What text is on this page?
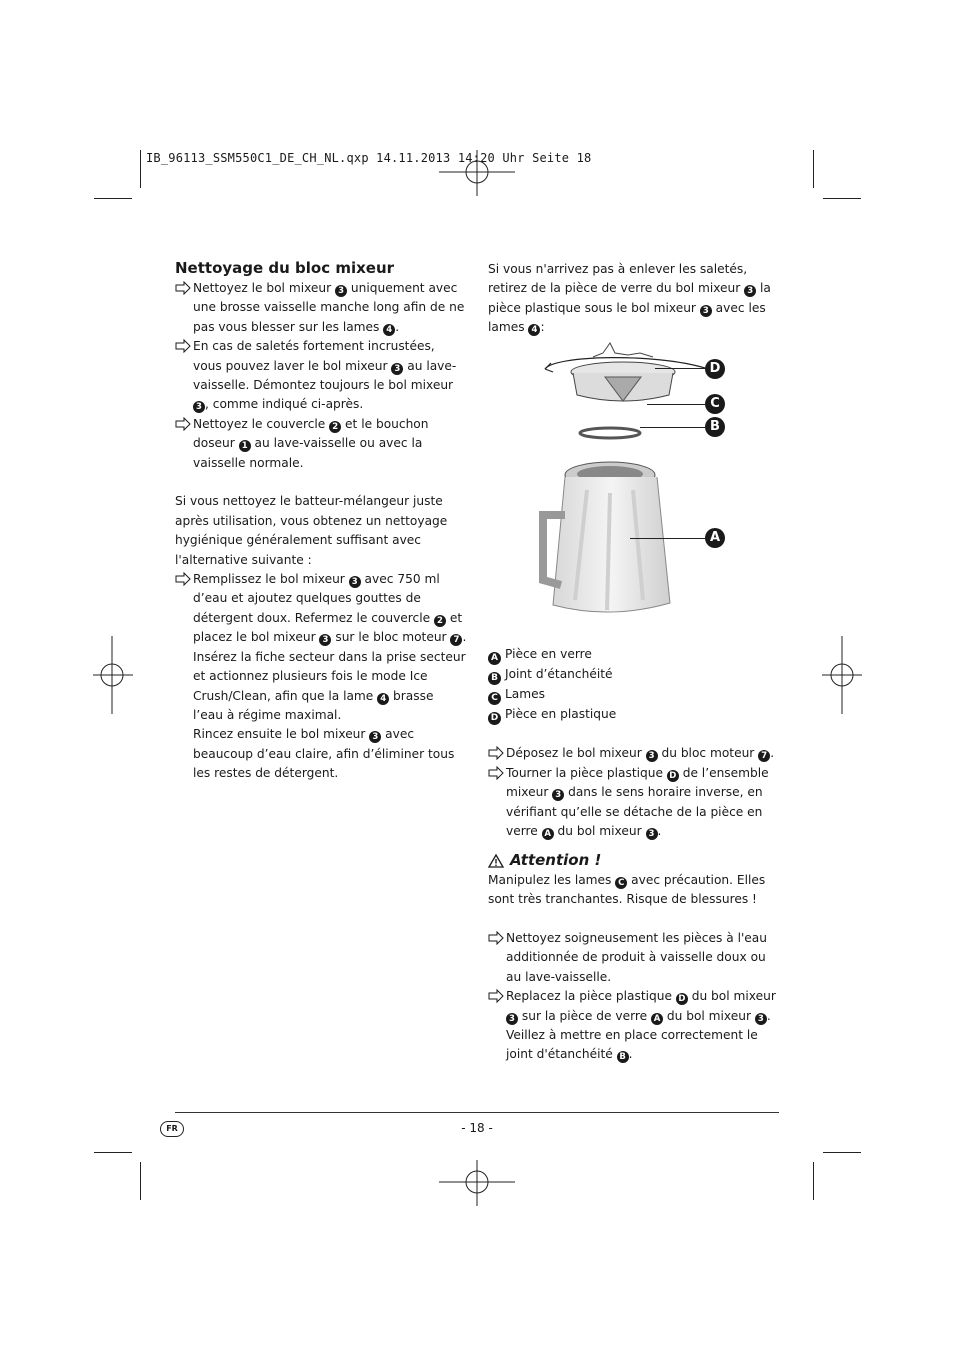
IB_96113_SSM550C1_DE_CH_NL.qxp 14.11.2013 14:20 Uhr Seite 18
Nettoyage du bloc mixeur

Nettoyez le bol mixeur 3 uniquement avec une brosse vaisselle manche long afin de ne pas vous blesser sur les lames 4 .

En cas de saletés fortement incrustées, vous pouvez laver le bol mixeur 3 au lave-vaisselle. Démontez toujours le bol mixeur 3 , comme indiqué ci-après.

Nettoyez le couvercle 2 et le bouchon doseur 1 au lave-vaisselle ou avec la vaisselle normale.

Si vous nettoyez le batteur-mélangeur juste après utilisation, vous obtenez un nettoyage hygiénique généralement suffisant avec l'alternative suivante :

Remplissez le bol mixeur 3 avec 750 ml d’eau et ajoutez quelques gouttes de détergent doux. Refermez le couvercle 2 et placez le bol mixeur 3 sur le bloc moteur 7 .

Insérez la fiche secteur dans la prise secteur et actionnez plusieurs fois le mode Ice Crush/Clean, afin que la lame 4 brasse l’eau à régime maximal.

Rincez ensuite le bol mixeur 3 avec beaucoup d’eau claire, afin d’éliminer tous les restes de détergent.

Si vous n'arrivez pas à enlever les saletés, retirez de la pièce de verre du bol mixeur 3 la pièce plastique sous le bol mixeur 3 avec les lames 4 :

D
C
B
A
A Pièce en verre
B Joint d’étanchéité
C Lames
D Pièce en plastique

Déposez le bol mixeur 3 du bloc moteur 7 .

Tourner la pièce plastique D de l’ensemble mixeur 3 dans le sens horaire inverse, en vérifiant qu’elle se détache de la pièce en verre A du bol mixeur 3 .

Attention !

Manipulez les lames C avec précaution. Elles sont très tranchantes. Risque de blessures !

Nettoyez soigneusement les pièces à l'eau additionnée de produit à vaisselle doux ou au lave-vaisselle.

Replacez la pièce plastique D du bol mixeur 3 sur la pièce de verre A du bol mixeur 3 . Veillez à mettre en place correctement le joint d'étanchéité B .

FR	- 18 -
